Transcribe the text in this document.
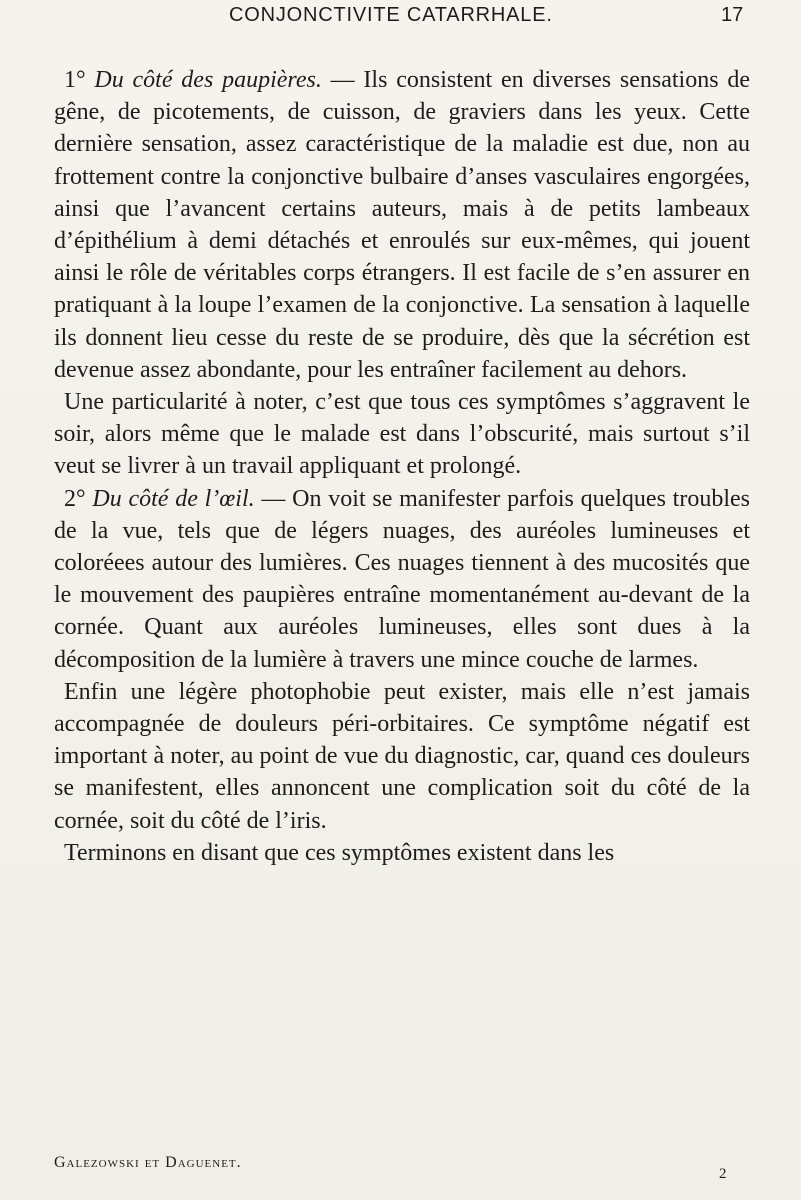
CONJONCTIVITE CATARRHALE.	17

1° Du côté des paupières. — Ils consistent en diverses sensations de gêne, de picotements, de cuisson, de graviers dans les yeux. Cette dernière sensation, assez caractéristique de la maladie est due, non au frottement contre la conjonctive bulbaire d’anses vasculaires engorgées, ainsi que l’avancent certains auteurs, mais à de petits lambeaux d’épithélium à demi détachés et enroulés sur eux-mêmes, qui jouent ainsi le rôle de véritables corps étrangers. Il est facile de s’en assurer en pratiquant à la loupe l’examen de la conjonctive. La sensation à laquelle ils donnent lieu cesse du reste de se produire, dès que la sécrétion est devenue assez abondante, pour les entraîner facilement au dehors.

Une particularité à noter, c’est que tous ces symptômes s’aggravent le soir, alors même que le malade est dans l’obscurité, mais surtout s’il veut se livrer à un travail appliquant et prolongé.

2° Du côté de l’œil. — On voit se manifester parfois quelques troubles de la vue, tels que de légers nuages, des auréoles lumineuses et coloréees autour des lumières. Ces nuages tiennent à des mucosités que le mouvement des paupières entraîne momentanément au-devant de la cornée. Quant aux auréoles lumineuses, elles sont dues à la décomposition de la lumière à travers une mince couche de larmes.

Enfin une légère photophobie peut exister, mais elle n’est jamais accompagnée de douleurs péri-orbitaires. Ce symptôme négatif est important à noter, au point de vue du diagnostic, car, quand ces douleurs se manifestent, elles annoncent une complication soit du côté de la cornée, soit du côté de l’iris.

Terminons en disant que ces symptômes existent dans les

Galezowski et Daguenet.
2
